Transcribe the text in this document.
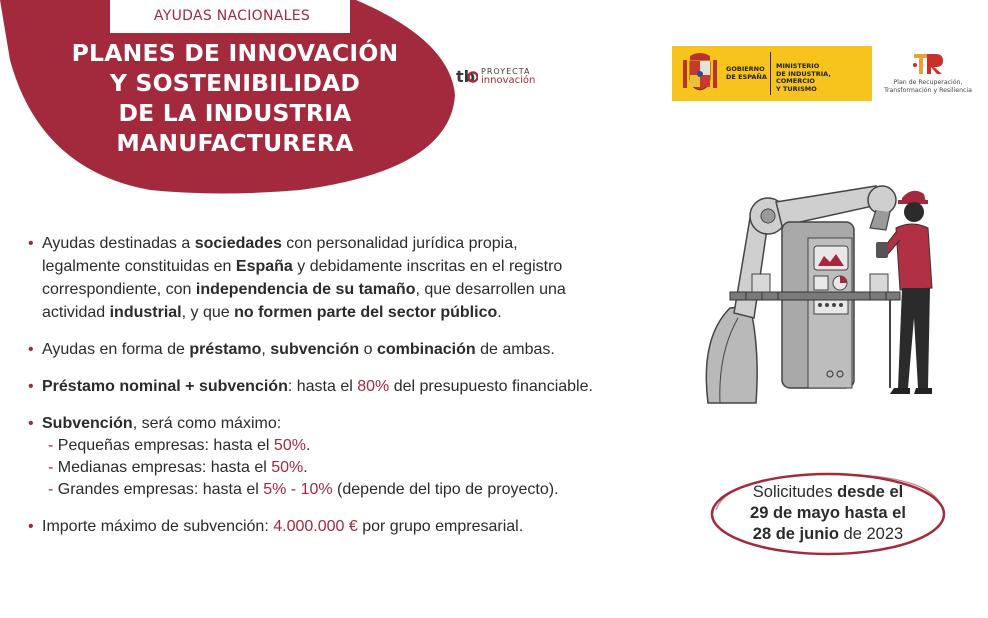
AYUDAS NACIONALES
PLANES DE INNOVACIÓN
Y SOSTENIBILIDAD
DE LA INDUSTRIA
MANUFACTURERA
tb PROYECTA
innovación
GOBIERNO
DE ESPAÑA
MINISTERIO
DE INDUSTRIA, COMERCIO
Y TURISMO
Plan de Recuperación,
Transformación y Resiliencia
• Ayudas destinadas a sociedades con personalidad jurídica propia,
legalmente constituidas en España y debidamente inscritas en el registro
correspondiente, con independencia de su tamaño, que desarrollen una
actividad industrial, y que no formen parte del sector público.
• Ayudas en forma de préstamo, subvención o combinación de ambas.
• Préstamo nominal + subvención: hasta el 80% del presupuesto financiable.
• Subvención, será como máximo:
- Pequeñas empresas: hasta el 50%.
- Medianas empresas: hasta el 50%.
- Grandes empresas: hasta el 5% - 10% (depende del tipo de proyecto).
• Importe máximo de subvención: 4.000.000 € por grupo empresarial.
Solicitudes desde el
29 de mayo hasta el
28 de junio de 2023
